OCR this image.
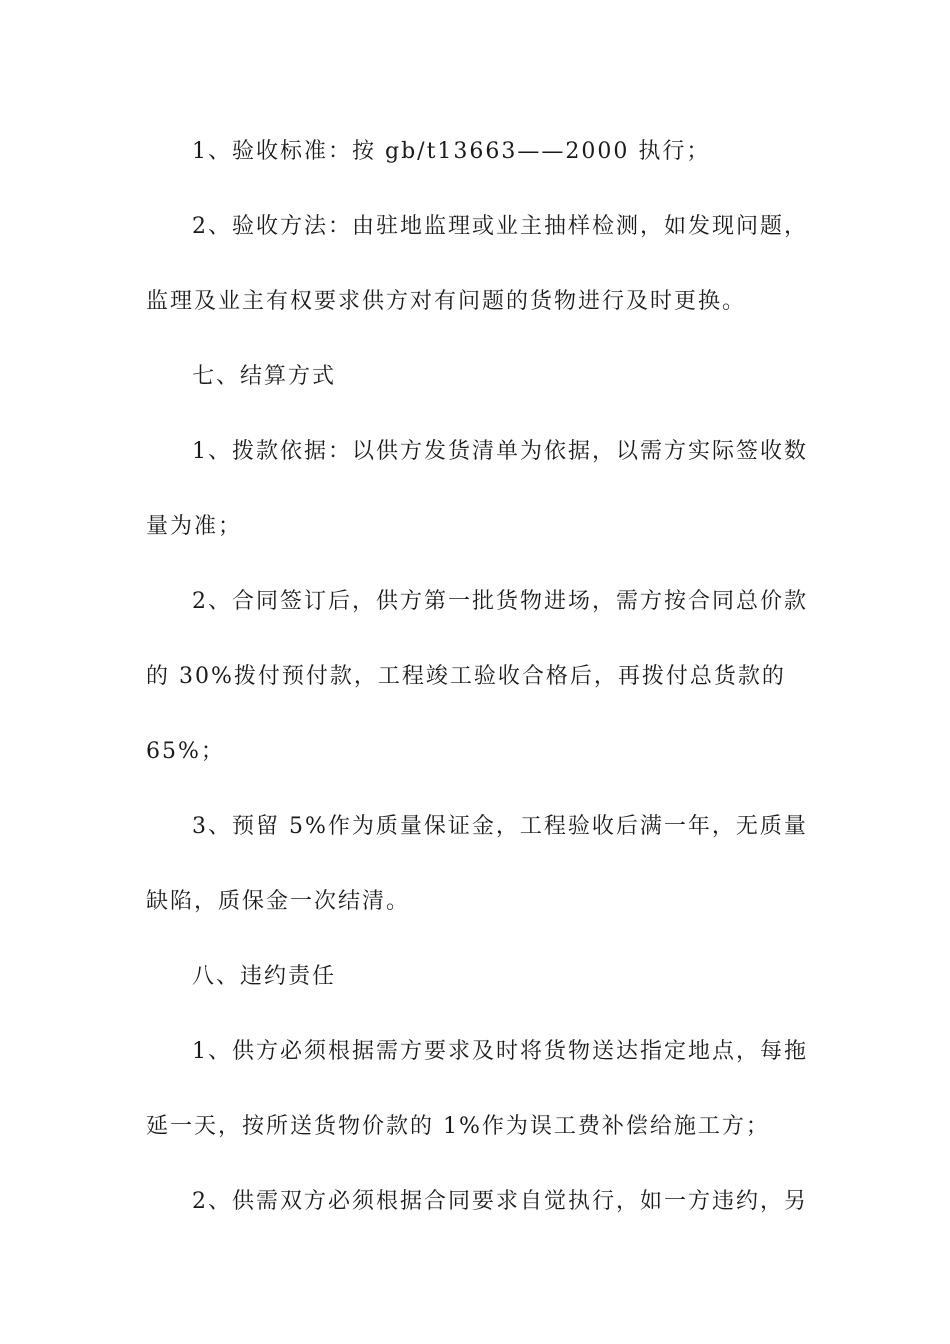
1、验收标准：按 gb/t13663——2000 执行；
2、验收方法：由驻地监理或业主抽样检测，如发现问题，
监理及业主有权要求供方对有问题的货物进行及时更换。
七、结算方式
1、拨款依据：以供方发货清单为依据，以需方实际签收数
量为准；
2、合同签订后，供方第一批货物进场，需方按合同总价款
的 30%拨付预付款，工程竣工验收合格后，再拨付总货款的
65%；
3、预留 5%作为质量保证金，工程验收后满一年，无质量
缺陷，质保金一次结清。
八、违约责任
1、供方必须根据需方要求及时将货物送达指定地点，每拖
延一天，按所送货物价款的 1%作为误工费补偿给施工方；
2、供需双方必须根据合同要求自觉执行，如一方违约，另
